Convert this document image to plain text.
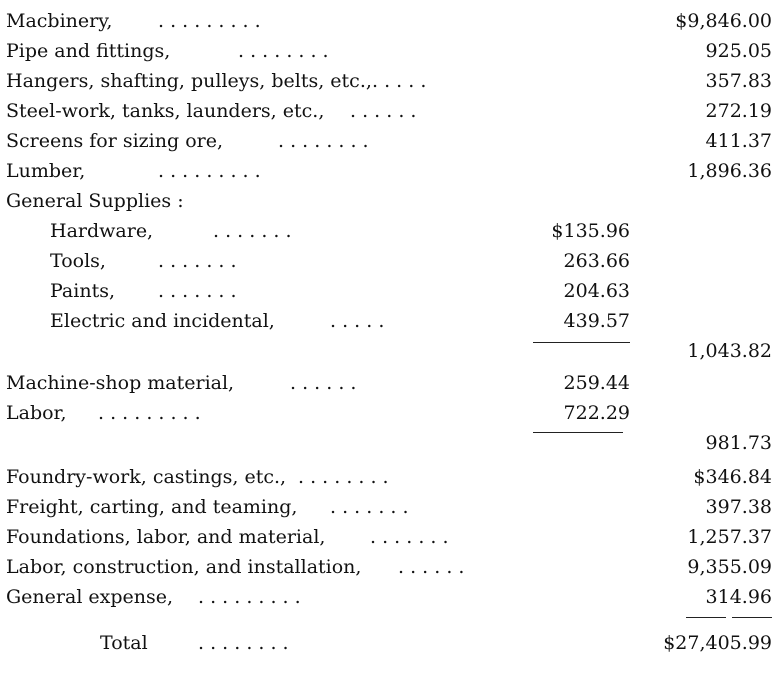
Macbinery, . . . . . . . . .	$9,846.00
Pipe and fittings,	. . . . . . . .	925.05
Hangers, shafting, pulleys, belts, etc., . . . . .	357.83
Steel-work, tanks, launders, etc., . . . . . .	272.19
Screens for sizing ore,	. . . . . . . .	411.37
Lumber,	. . . . . . . . .	1,896.36
General Supplies :
Hardware,	. . . . . . .	$135.96
Tools,	. . . . . . .	263.66
Paints, . . . . . . .	204.63
Electric and incidental,	. . . . .	439.57
1,043.82
Machine-shop material,	. . . . . .	259.44
Labor, . . . . . . . . .	722.29
981.73
Foundry-work, castings, etc., . . . . . . . .	$346.84
Freight, carting, and teaming, . . . . . . .	397.38
Foundations, labor, and material, . . . . . . .	1,257.37
Labor, construction, and installation, . . . . . .	9,355.09
General expense, . . . . . . . . .	314.96
Total	. . . . . . . .	$27,405.99
